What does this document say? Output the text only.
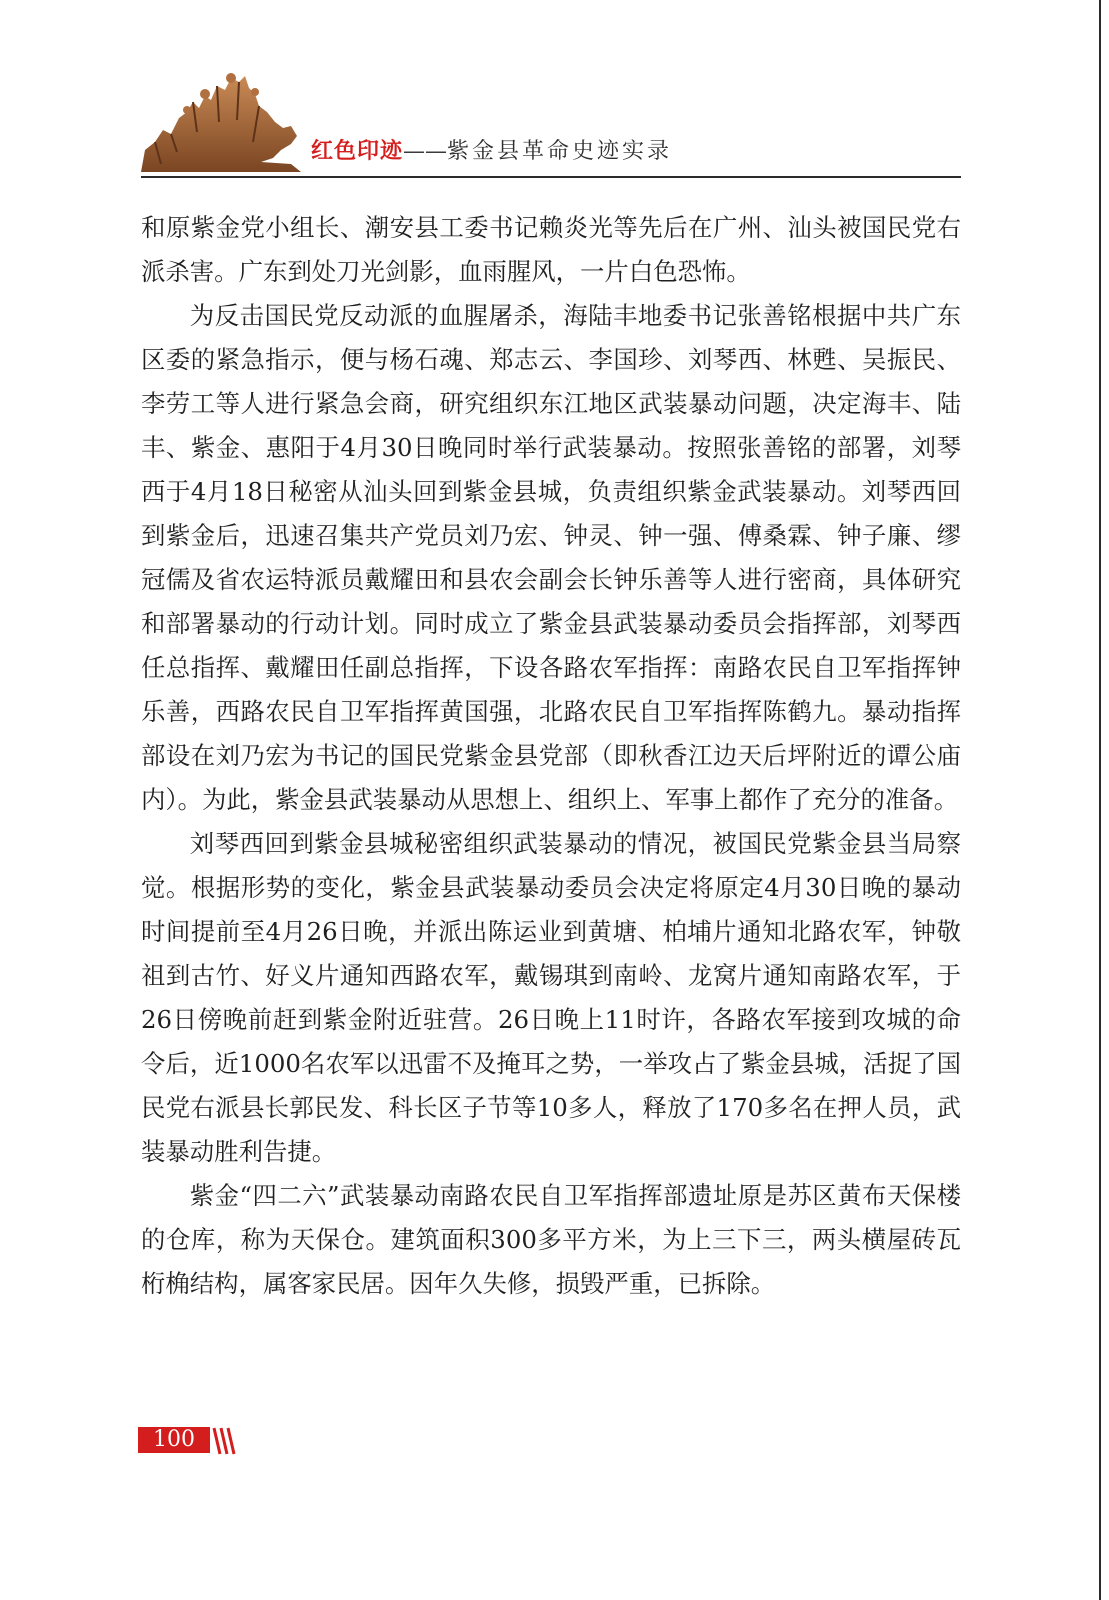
红色印迹——紫金县革命史迹实录

和原紫金党小组长、潮安县工委书记赖炎光等先后在广州、汕头被国民党右派杀害。广东到处刀光剑影，血雨腥风，一片白色恐怖。

为反击国民党反动派的血腥屠杀，海陆丰地委书记张善铭根据中共广东区委的紧急指示，便与杨石魂、郑志云、李国珍、刘琴西、林甦、吴振民、李劳工等人进行紧急会商，研究组织东江地区武装暴动问题，决定海丰、陆丰、紫金、惠阳于4月30日晚同时举行武装暴动。按照张善铭的部署，刘琴西于4月18日秘密从汕头回到紫金县城，负责组织紫金武装暴动。刘琴西回到紫金后，迅速召集共产党员刘乃宏、钟灵、钟一强、傅桑霖、钟子廉、缪冠儒及省农运特派员戴耀田和县农会副会长钟乐善等人进行密商，具体研究和部署暴动的行动计划。同时成立了紫金县武装暴动委员会指挥部，刘琴西任总指挥、戴耀田任副总指挥，下设各路农军指挥：南路农民自卫军指挥钟乐善，西路农民自卫军指挥黄国强，北路农民自卫军指挥陈鹤九。暴动指挥部设在刘乃宏为书记的国民党紫金县党部（即秋香江边天后坪附近的谭公庙内）。为此，紫金县武装暴动从思想上、组织上、军事上都作了充分的准备。

刘琴西回到紫金县城秘密组织武装暴动的情况，被国民党紫金县当局察觉。根据形势的变化，紫金县武装暴动委员会决定将原定4月30日晚的暴动时间提前至4月26日晚，并派出陈运业到黄塘、柏埔片通知北路农军，钟敬祖到古竹、好义片通知西路农军，戴锡琪到南岭、龙窝片通知南路农军，于26日傍晚前赶到紫金附近驻营。26日晚上11时许，各路农军接到攻城的命令后，近1000名农军以迅雷不及掩耳之势，一举攻占了紫金县城，活捉了国民党右派县长郭民发、科长区子节等10多人，释放了170多名在押人员，武装暴动胜利告捷。

紫金“四二六”武装暴动南路农民自卫军指挥部遗址原是苏区黄布天保楼的仓库，称为天保仓。建筑面积300多平方米，为上三下三，两头横屋砖瓦桁桷结构，属客家民居。因年久失修，损毁严重，已拆除。

100
